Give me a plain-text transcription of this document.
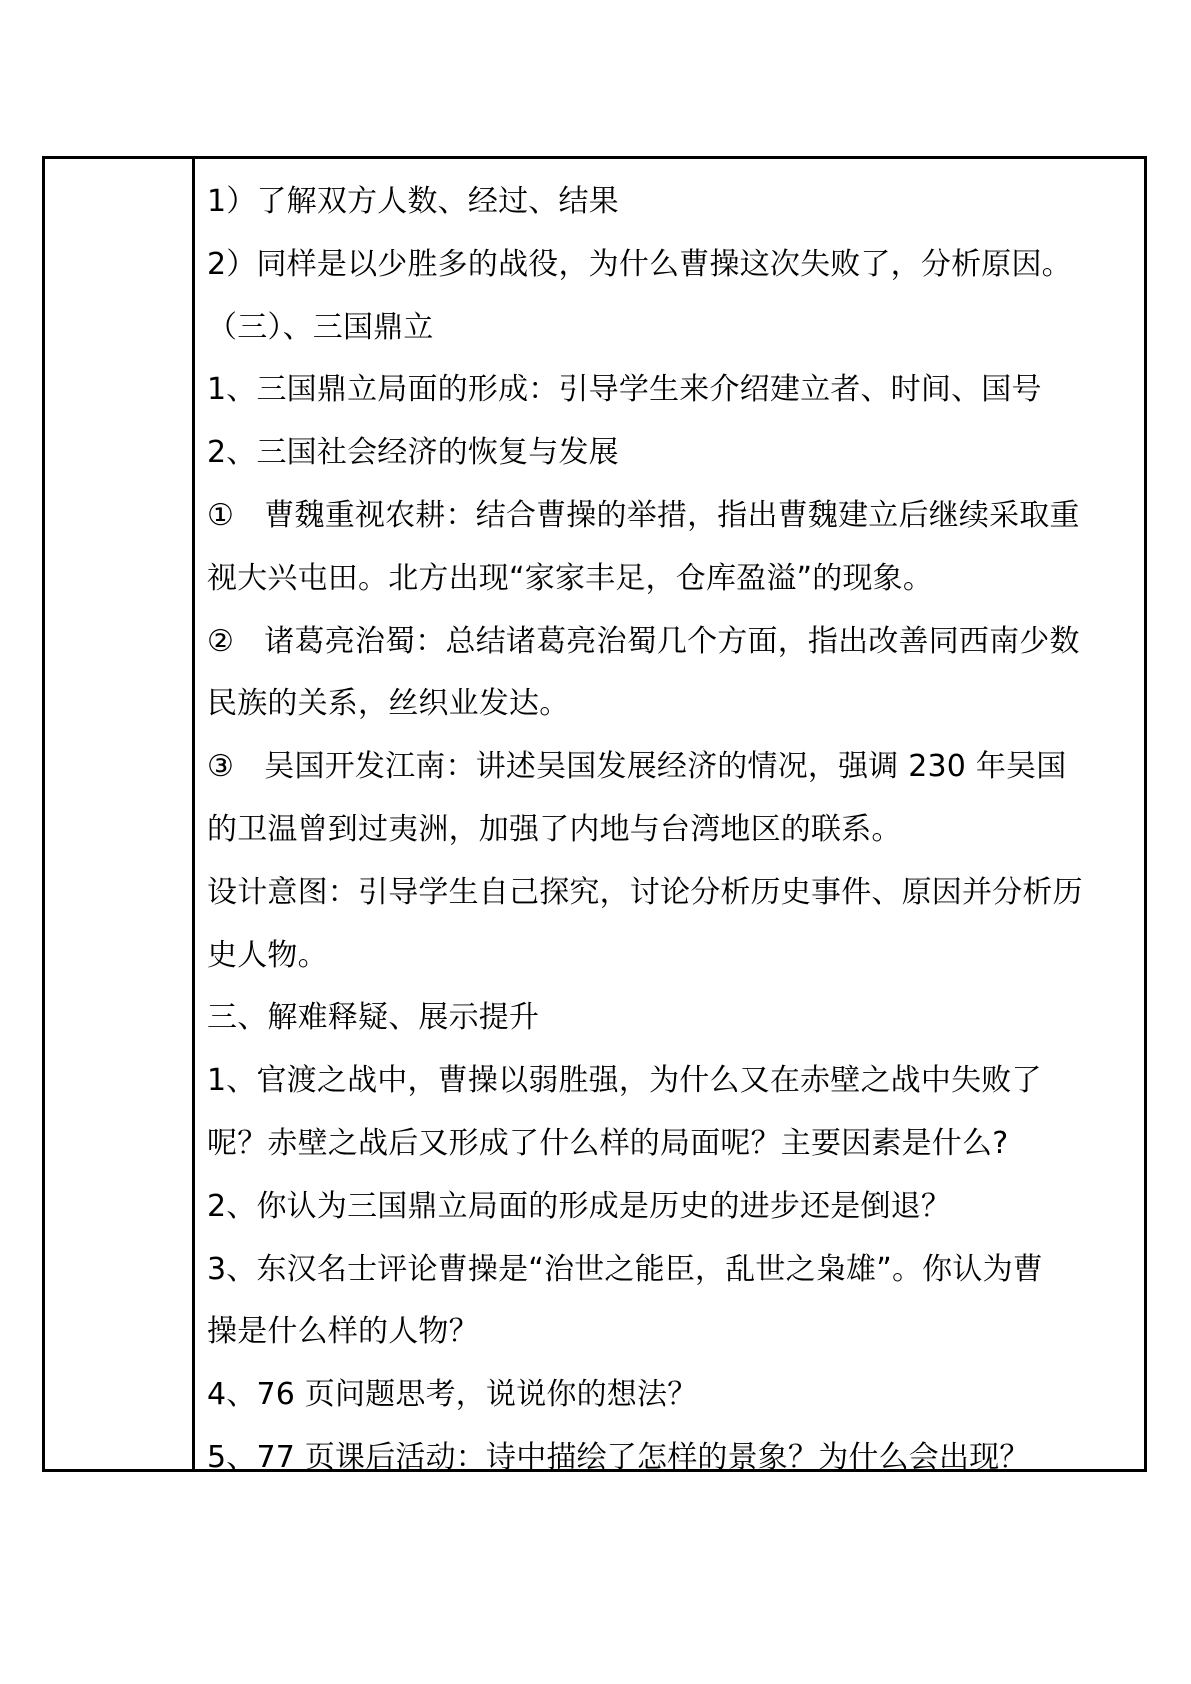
1）了解双方人数、经过、结果
2）同样是以少胜多的战役，为什么曹操这次失败了，分析原因。
（三）、三国鼎立
1、三国鼎立局面的形成：引导学生来介绍建立者、时间、国号
2、三国社会经济的恢复与发展
①　曹魏重视农耕：结合曹操的举措，指出曹魏建立后继续采取重
视大兴屯田。北方出现“家家丰足，仓库盈溢”的现象。
②　诸葛亮治蜀：总结诸葛亮治蜀几个方面，指出改善同西南少数
民族的关系，丝织业发达。
③　吴国开发江南：讲述吴国发展经济的情况，强调 230 年吴国
的卫温曾到过夷洲，加强了内地与台湾地区的联系。
设计意图：引导学生自己探究，讨论分析历史事件、原因并分析历
史人物。
三、解难释疑、展示提升
1、官渡之战中，曹操以弱胜强，为什么又在赤壁之战中失败了
呢？赤壁之战后又形成了什么样的局面呢？主要因素是什么?
2、你认为三国鼎立局面的形成是历史的进步还是倒退？
3、东汉名士评论曹操是“治世之能臣，乱世之枭雄”。你认为曹
操是什么样的人物？
4、76 页问题思考，说说你的想法？
5、77 页课后活动：诗中描绘了怎样的景象？为什么会出现？
